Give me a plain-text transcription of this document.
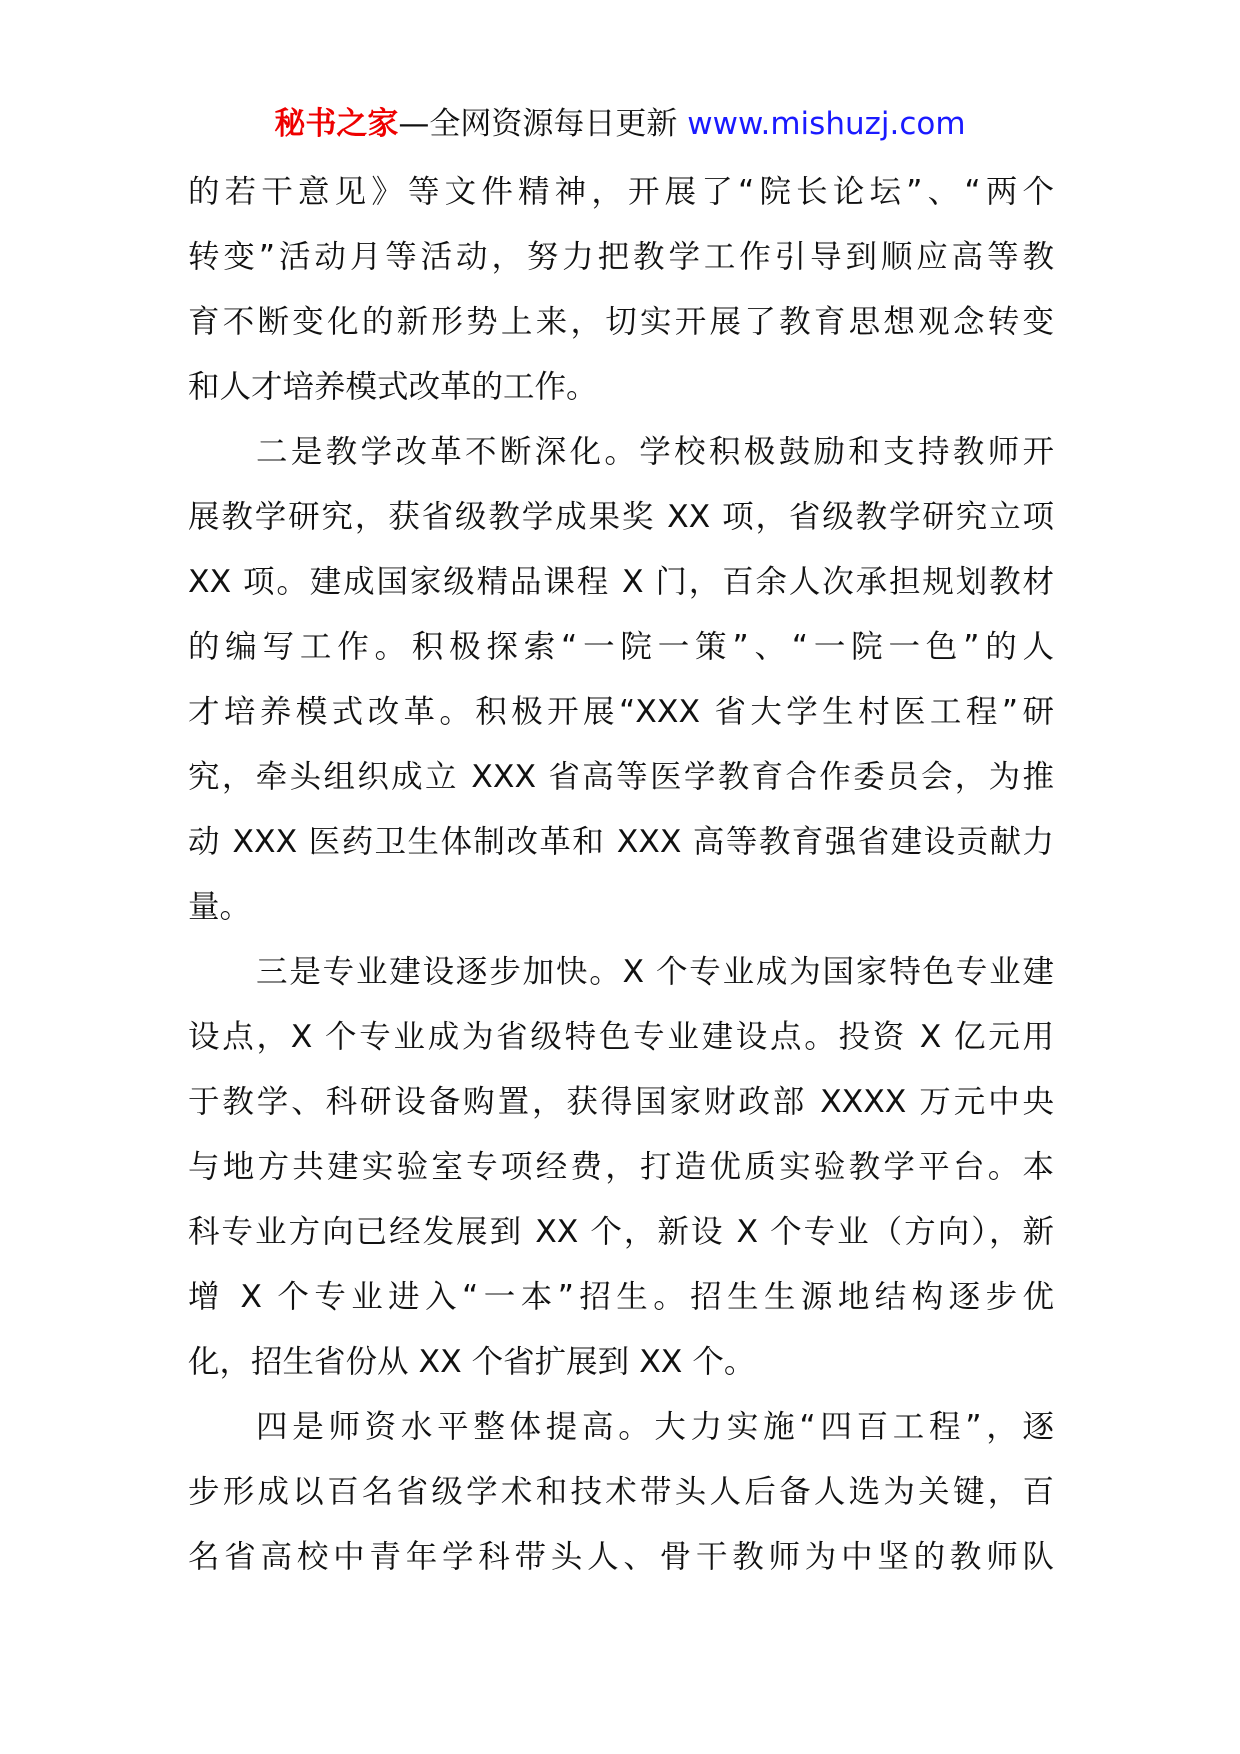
秘书之家—全网资源每日更新 www.mishuzj.com
的若干意见》等文件精神，开展了“院长论坛”、“两个
转变”活动月等活动，努力把教学工作引导到顺应高等教
育不断变化的新形势上来，切实开展了教育思想观念转变
和人才培养模式改革的工作。
二是教学改革不断深化。学校积极鼓励和支持教师开
展教学研究，获省级教学成果奖 XX 项，省级教学研究立项
XX 项。建成国家级精品课程 X 门，百余人次承担规划教材
的编写工作。积极探索“一院一策”、“一院一色”的人
才培养模式改革。积极开展“XXX 省大学生村医工程”研
究，牵头组织成立 XXX 省高等医学教育合作委员会，为推
动 XXX 医药卫生体制改革和 XXX 高等教育强省建设贡献力
量。
三是专业建设逐步加快。X 个专业成为国家特色专业建
设点，X 个专业成为省级特色专业建设点。投资 X 亿元用
于教学、科研设备购置，获得国家财政部 XXXX 万元中央
与地方共建实验室专项经费，打造优质实验教学平台。本
科专业方向已经发展到 XX 个，新设 X 个专业（方向），新
增 X 个专业进入“一本”招生。招生生源地结构逐步优
化，招生省份从 XX 个省扩展到 XX 个。
四是师资水平整体提高。大力实施“四百工程”，逐
步形成以百名省级学术和技术带头人后备人选为关键，百
名省高校中青年学科带头人、骨干教师为中坚的教师队
